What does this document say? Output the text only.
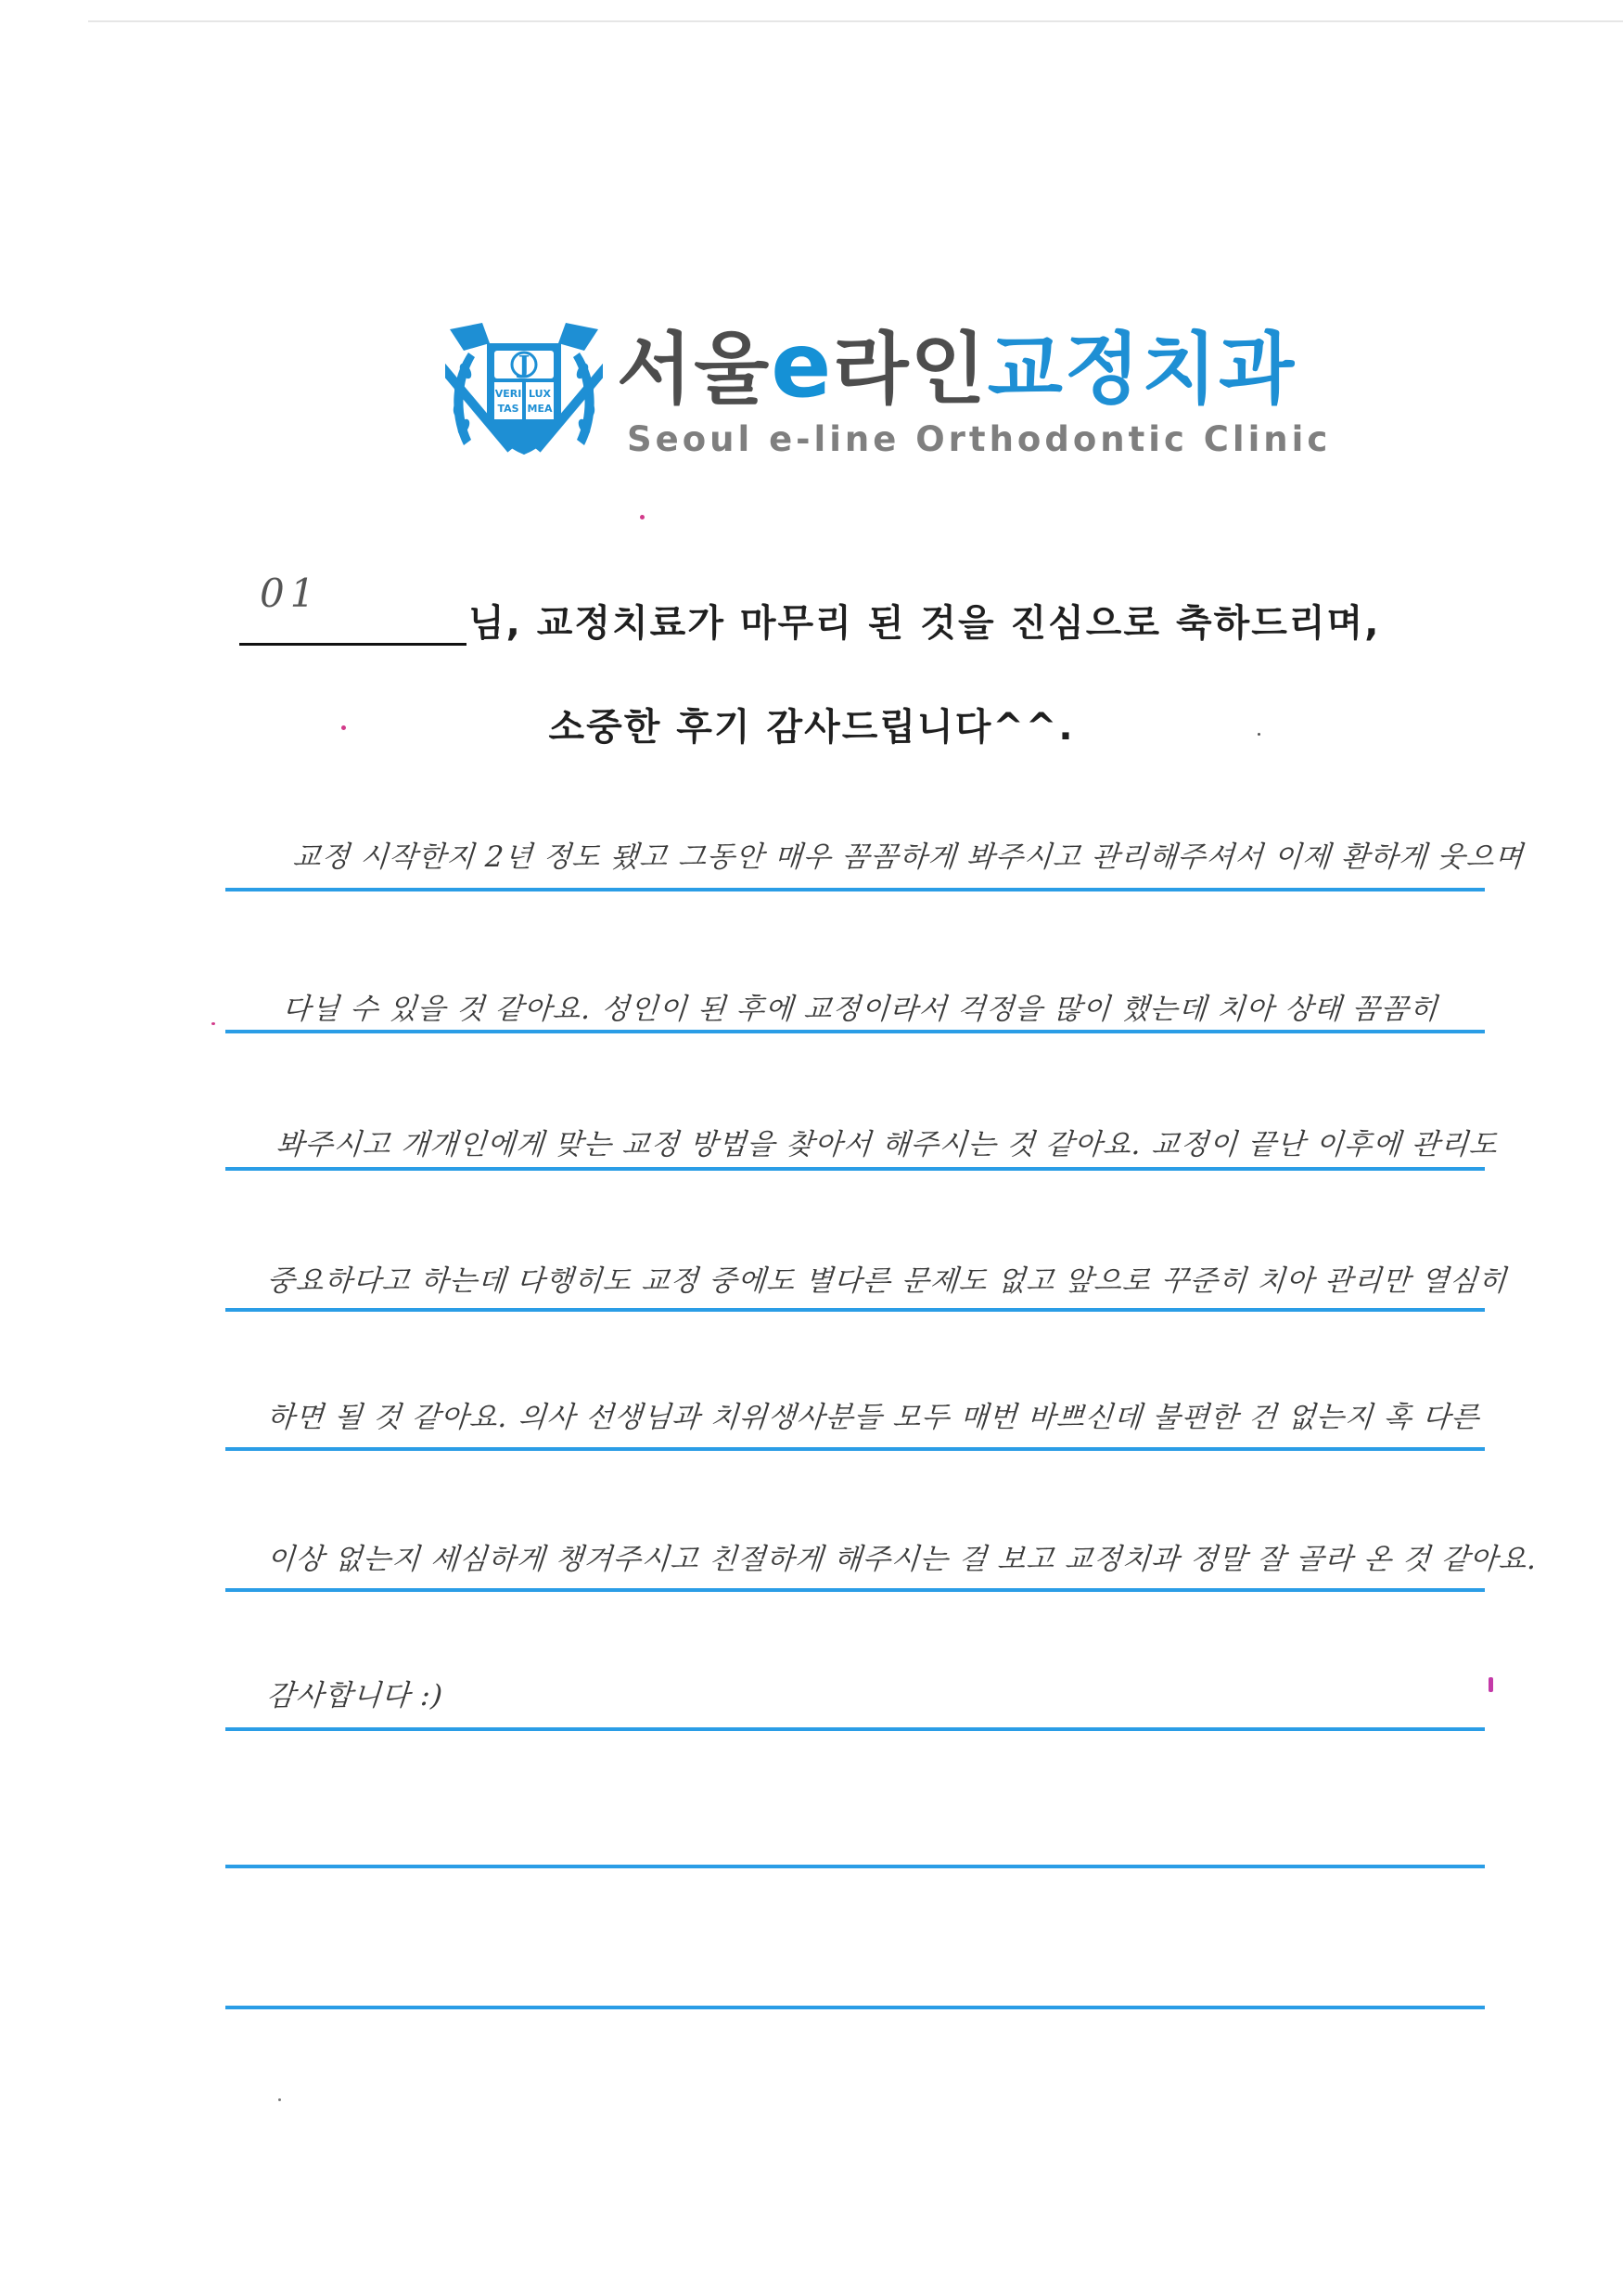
J
VERI LUX
TAS MEA 서울e라인교정치과
Seoul e-line Orthodontic Clinic
01
님, 교정치료가 마무리 된 것을 진심으로 축하드리며,
소중한 후기 감사드립니다^^.
교정 시작한지 2년 정도 됐고 그동안 매우 꼼꼼하게 봐주시고 관리해주셔서 이제 환하게 웃으며
다닐 수 있을 것 같아요. 성인이 된 후에 교정이라서 걱정을 많이 했는데 치아 상태 꼼꼼히
봐주시고 개개인에게 맞는 교정 방법을 찾아서 해주시는 것 같아요. 교정이 끝난 이후에 관리도
중요하다고 하는데 다행히도 교정 중에도 별다른 문제도 없고 앞으로 꾸준히 치아 관리만 열심히
하면 될 것 같아요. 의사 선생님과 치위생사분들 모두 매번 바쁘신데 불편한 건 없는지 혹 다른
이상 없는지 세심하게 챙겨주시고 친절하게 해주시는 걸 보고 교정치과 정말 잘 골라 온 것 같아요.
감사합니다 :)
